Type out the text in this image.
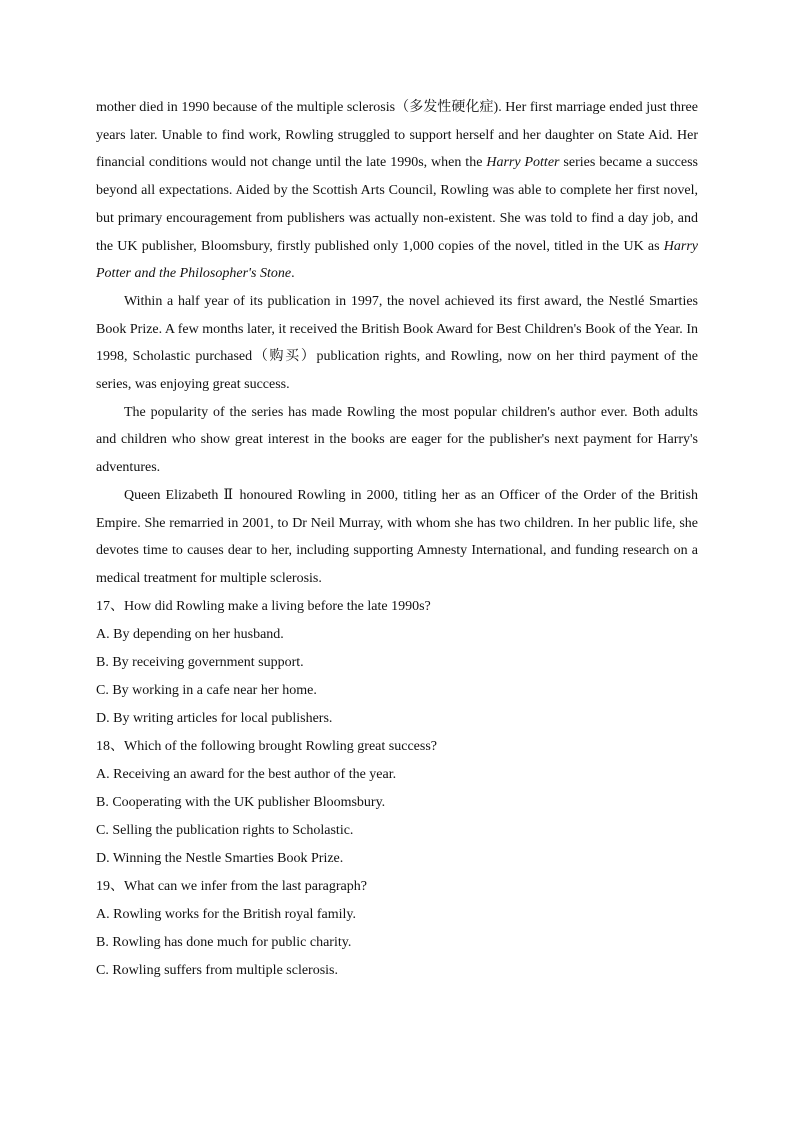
mother died in 1990 because of the multiple sclerosis（多发性硬化症). Her first marriage ended just three years later. Unable to find work, Rowling struggled to support herself and her daughter on State Aid. Her financial conditions would not change until the late 1990s, when the Harry Potter series became a success beyond all expectations. Aided by the Scottish Arts Council, Rowling was able to complete her first novel, but primary encouragement from publishers was actually non-existent. She was told to find a day job, and the UK publisher, Bloomsbury, firstly published only 1,000 copies of the novel, titled in the UK as Harry Potter and the Philosopher's Stone.

Within a half year of its publication in 1997, the novel achieved its first award, the Nestlé Smarties Book Prize. A few months later, it received the British Book Award for Best Children's Book of the Year. In 1998, Scholastic purchased（购买）publication rights, and Rowling, now on her third payment of the series, was enjoying great success.

The popularity of the series has made Rowling the most popular children's author ever. Both adults and children who show great interest in the books are eager for the publisher's next payment for Harry's adventures.

Queen Elizabeth Ⅱ honoured Rowling in 2000, titling her as an Officer of the Order of the British Empire. She remarried in 2001, to Dr Neil Murray, with whom she has two children. In her public life, she devotes time to causes dear to her, including supporting Amnesty International, and funding research on a medical treatment for multiple sclerosis.

17、How did Rowling make a living before the late 1990s?

A. By depending on her husband.

B. By receiving government support.

C. By working in a cafe near her home.

D. By writing articles for local publishers.

18、Which of the following brought Rowling great success?

A. Receiving an award for the best author of the year.

B. Cooperating with the UK publisher Bloomsbury.

C. Selling the publication rights to Scholastic.

D. Winning the Nestle Smarties Book Prize.

19、What can we infer from the last paragraph?

A. Rowling works for the British royal family.

B. Rowling has done much for public charity.

C. Rowling suffers from multiple sclerosis.
